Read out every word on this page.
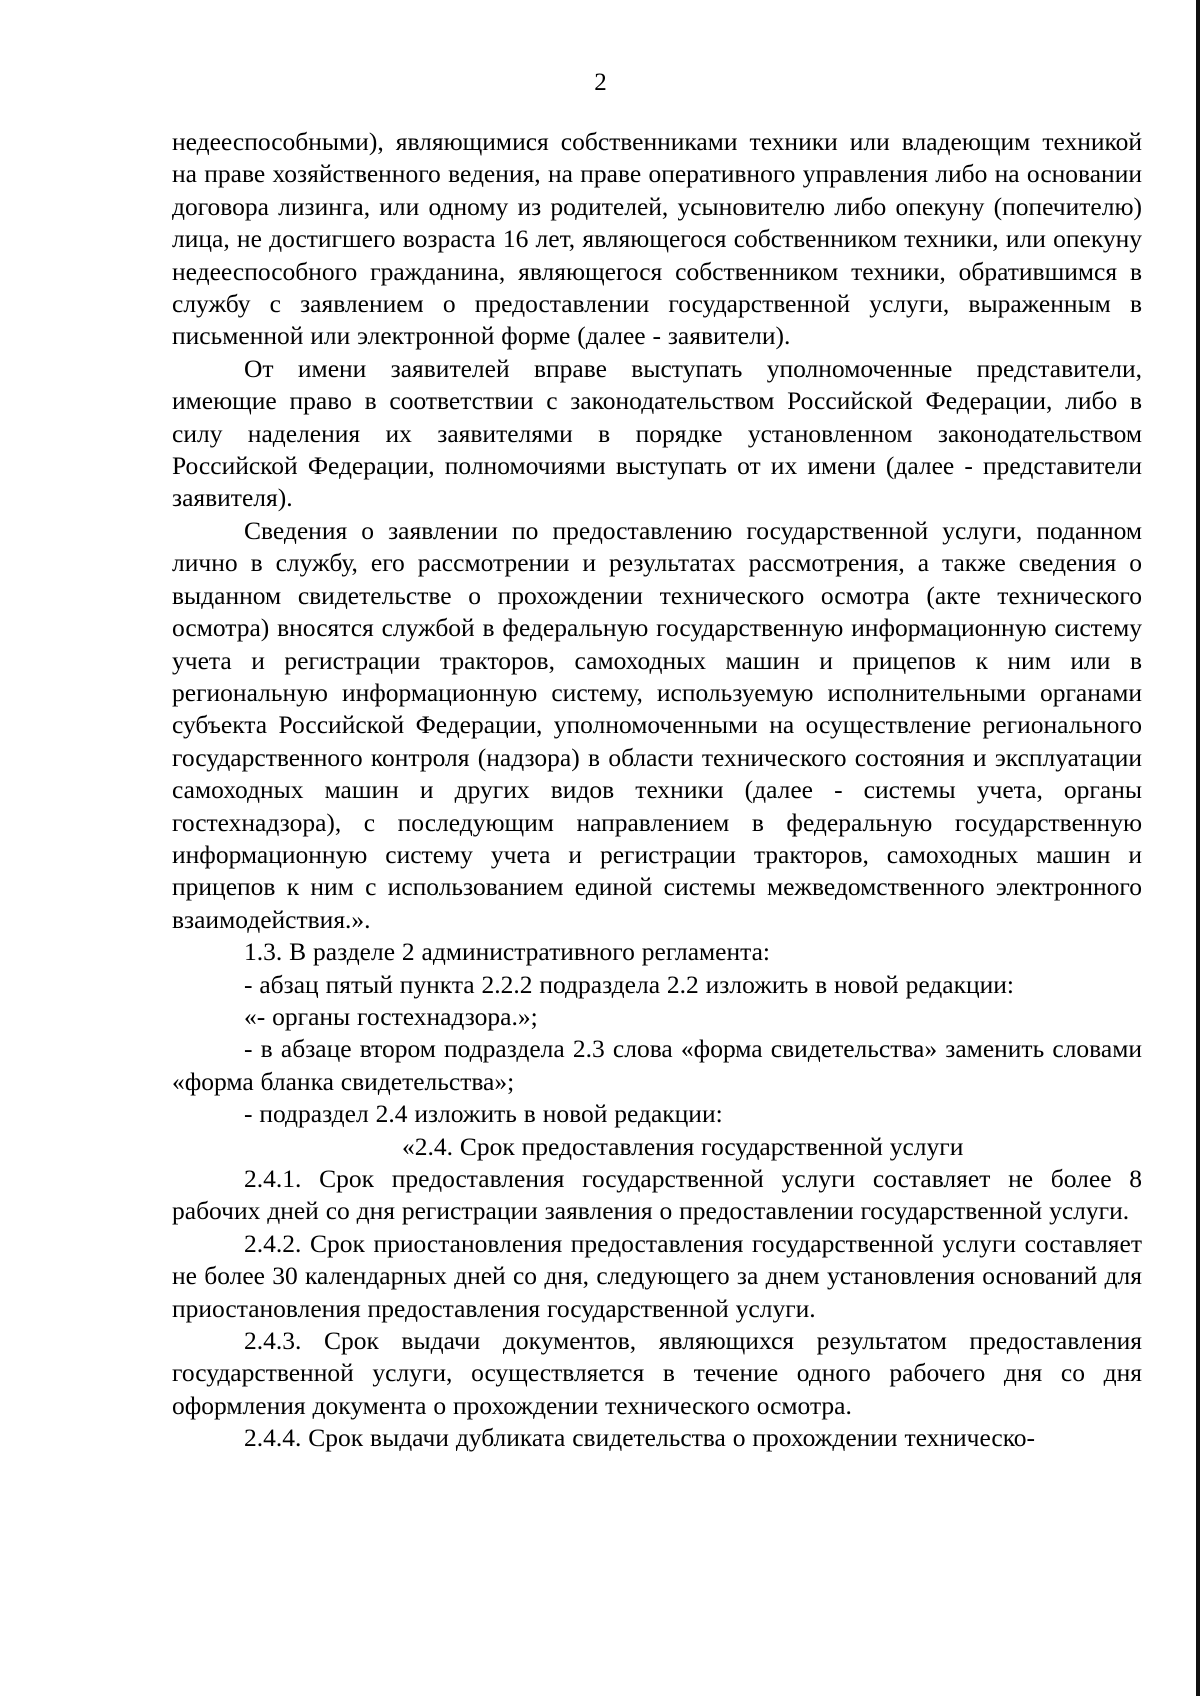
2

недееспособными), являющимися собственниками техники или владеющим техникой на праве хозяйственного ведения, на праве оперативного управления либо на основании договора лизинга, или одному из родителей, усыновителю либо опекуну (попечителю) лица, не достигшего возраста 16 лет, являющегося собственником техники, или опекуну недееспособного гражданина, являющегося собственником техники, обратившимся в службу с заявлением о предоставлении государственной услуги, выраженным в письменной или электронной форме (далее - заявители).

От имени заявителей вправе выступать уполномоченные представители, имеющие право в соответствии с законодательством Российской Федерации, либо в силу наделения их заявителями в порядке установленном законодательством Российской Федерации, полномочиями выступать от их имени (далее - представители заявителя).

Сведения о заявлении по предоставлению государственной услуги, поданном лично в службу, его рассмотрении и результатах рассмотрения, а также сведения о выданном свидетельстве о прохождении технического осмотра (акте технического осмотра) вносятся службой в федеральную государственную информационную систему учета и регистрации тракторов, самоходных машин и прицепов к ним или в региональную информационную систему, используемую исполнительными органами субъекта Российской Федерации, уполномоченными на осуществление регионального государственного контроля (надзора) в области технического состояния и эксплуатации самоходных машин и других видов техники (далее - системы учета, органы гостехнадзора), с последующим направлением в федеральную государственную информационную систему учета и регистрации тракторов, самоходных машин и прицепов к ним с использованием единой системы межведомственного электронного взаимодействия.».

1.3. В разделе 2 административного регламента:

- абзац пятый пункта 2.2.2 подраздела 2.2 изложить в новой редакции:

«- органы гостехнадзора.»;

- в абзаце втором подраздела 2.3 слова «форма свидетельства» заменить словами «форма бланка свидетельства»;

- подраздел 2.4 изложить в новой редакции:

«2.4. Срок предоставления государственной услуги

2.4.1. Срок предоставления государственной услуги составляет не более 8 рабочих дней со дня регистрации заявления о предоставлении государственной услуги.

2.4.2. Срок приостановления предоставления государственной услуги составляет не более 30 календарных дней со дня, следующего за днем установления оснований для приостановления предоставления государственной услуги.

2.4.3. Срок выдачи документов, являющихся результатом предоставления государственной услуги, осуществляется в течение одного рабочего дня со дня оформления документа о прохождении технического осмотра.

2.4.4. Срок выдачи дубликата свидетельства о прохождении техническо-
